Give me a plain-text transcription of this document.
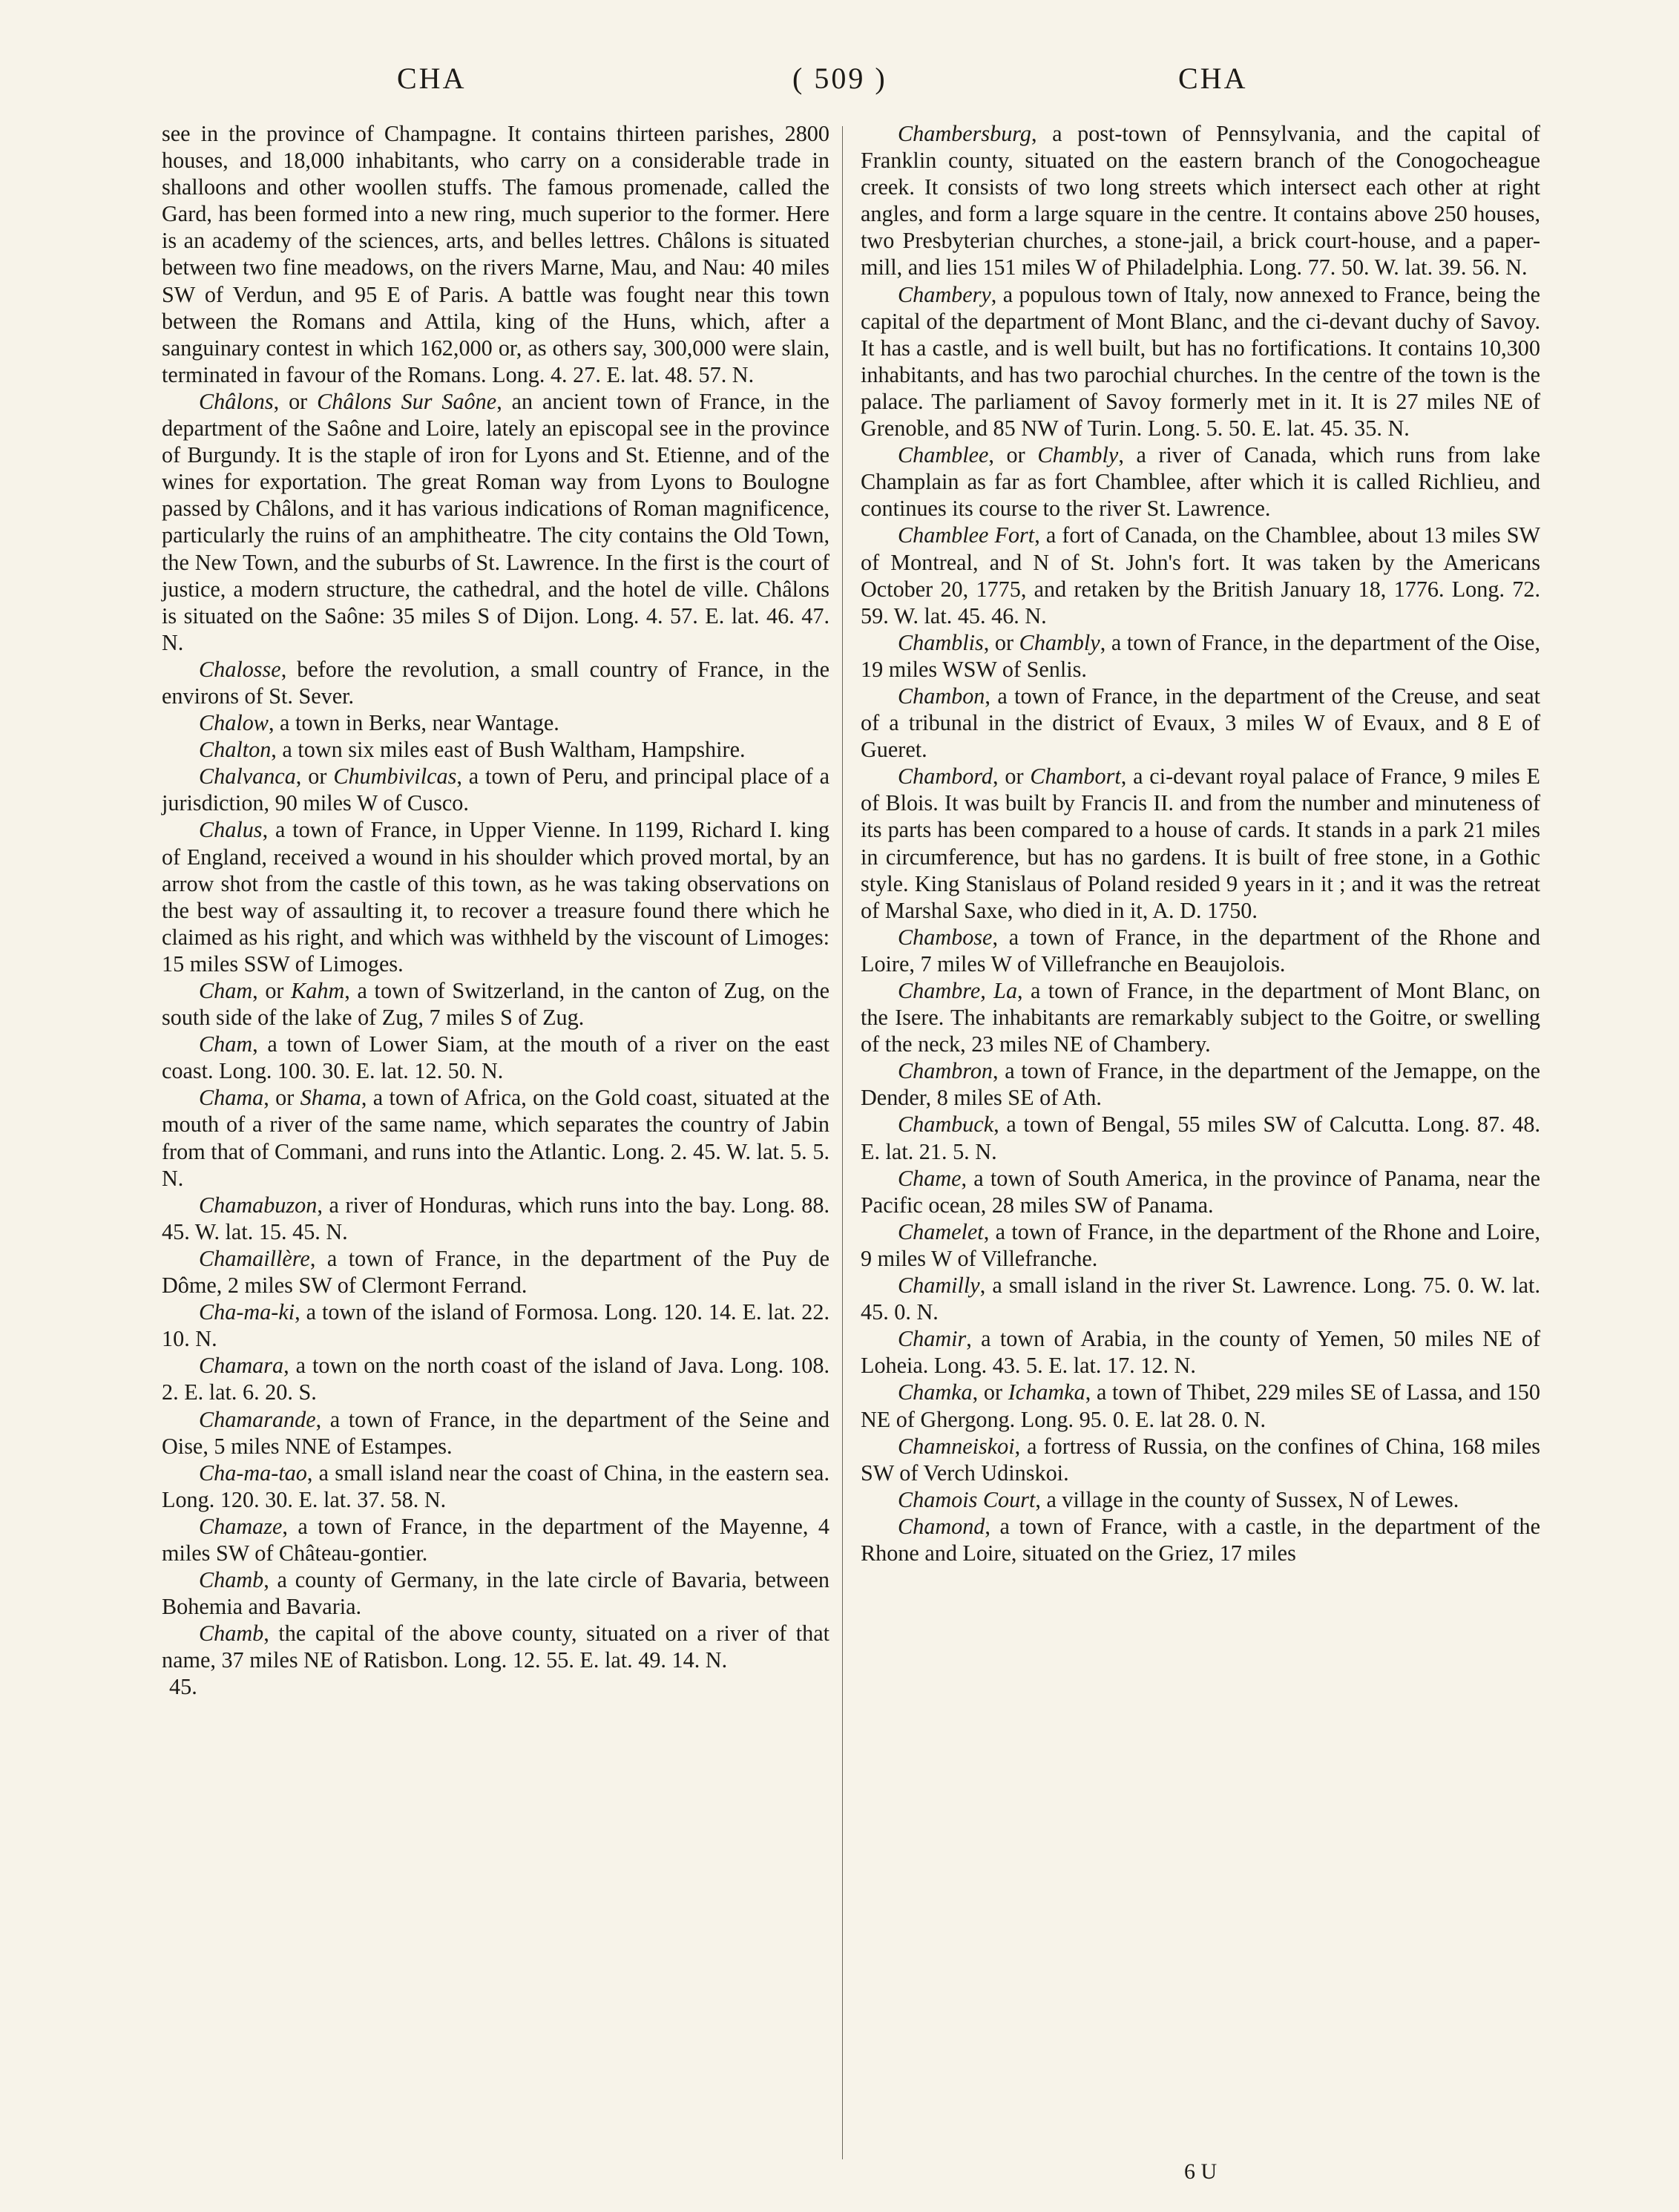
CHA	( 509 )	CHA

see in the province of Champagne. It contains thirteen parishes, 2800 houses, and 18,000 inhabitants, who carry on a considerable trade in shalloons and other woollen stuffs. The famous promenade, called the Gard, has been formed into a new ring, much superior to the former. Here is an academy of the sciences, arts, and belles lettres. Châlons is situated between two fine meadows, on the rivers Marne, Mau, and Nau: 40 miles SW of Verdun, and 95 E of Paris. A battle was fought near this town between the Romans and Attila, king of the Huns, which, after a sanguinary contest in which 162,000 or, as others say, 300,000 were slain, terminated in favour of the Romans. Long. 4. 27. E. lat. 48. 57. N.

Châlons, or Châlons Sur Saône, an ancient town of France, in the department of the Saône and Loire, lately an episcopal see in the province of Burgundy. It is the staple of iron for Lyons and St. Etienne, and of the wines for exportation. The great Roman way from Lyons to Boulogne passed by Châlons, and it has various indications of Roman magnificence, particularly the ruins of an amphitheatre. The city contains the Old Town, the New Town, and the suburbs of St. Lawrence. In the first is the court of justice, a modern structure, the cathedral, and the hotel de ville. Châlons is situated on the Saône: 35 miles S of Dijon. Long. 4. 57. E. lat. 46. 47. N.

Chalosse, before the revolution, a small country of France, in the environs of St. Sever.

Chalow, a town in Berks, near Wantage.

Chalton, a town six miles east of Bush Waltham, Hampshire.

Chalvanca, or Chumbivilcas, a town of Peru, and principal place of a jurisdiction, 90 miles W of Cusco.

Chalus, a town of France, in Upper Vienne. In 1199, Richard I. king of England, received a wound in his shoulder which proved mortal, by an arrow shot from the castle of this town, as he was taking observations on the best way of assaulting it, to recover a treasure found there which he claimed as his right, and which was withheld by the viscount of Limoges: 15 miles SSW of Limoges.

Cham, or Kahm, a town of Switzerland, in the canton of Zug, on the south side of the lake of Zug, 7 miles S of Zug.

Cham, a town of Lower Siam, at the mouth of a river on the east coast. Long. 100. 30. E. lat. 12. 50. N.

Chama, or Shama, a town of Africa, on the Gold coast, situated at the mouth of a river of the same name, which separates the country of Jabin from that of Commani, and runs into the Atlantic. Long. 2. 45. W. lat. 5. 5. N.

Chamabuzon, a river of Honduras, which runs into the bay. Long. 88. 45. W. lat. 15. 45. N.

Chamaillère, a town of France, in the department of the Puy de Dôme, 2 miles SW of Clermont Ferrand.

Cha-ma-ki, a town of the island of Formosa. Long. 120. 14. E. lat. 22. 10. N.

Chamara, a town on the north coast of the island of Java. Long. 108. 2. E. lat. 6. 20. S.

Chamarande, a town of France, in the department of the Seine and Oise, 5 miles NNE of Estampes.

Cha-ma-tao, a small island near the coast of China, in the eastern sea. Long. 120. 30. E. lat. 37. 58. N.

Chamaze, a town of France, in the department of the Mayenne, 4 miles SW of Château-gontier.

Chamb, a county of Germany, in the late circle of Bavaria, between Bohemia and Bavaria.

Chamb, the capital of the above county, situated on a river of that name, 37 miles NE of Ratisbon. Long. 12. 55. E. lat. 49. 14. N.

45.

Chambersburg, a post-town of Pennsylvania, and the capital of Franklin county, situated on the eastern branch of the Conogocheague creek. It consists of two long streets which intersect each other at right angles, and form a large square in the centre. It contains above 250 houses, two Presbyterian churches, a stone-jail, a brick court-house, and a paper-mill, and lies 151 miles W of Philadelphia. Long. 77. 50. W. lat. 39. 56. N.

Chambery, a populous town of Italy, now annexed to France, being the capital of the department of Mont Blanc, and the ci-devant duchy of Savoy. It has a castle, and is well built, but has no fortifications. It contains 10,300 inhabitants, and has two parochial churches. In the centre of the town is the palace. The parliament of Savoy formerly met in it. It is 27 miles NE of Grenoble, and 85 NW of Turin. Long. 5. 50. E. lat. 45. 35. N.

Chamblee, or Chambly, a river of Canada, which runs from lake Champlain as far as fort Chamblee, after which it is called Richlieu, and continues its course to the river St. Lawrence.

Chamblee Fort, a fort of Canada, on the Chamblee, about 13 miles SW of Montreal, and N of St. John's fort. It was taken by the Americans October 20, 1775, and retaken by the British January 18, 1776. Long. 72. 59. W. lat. 45. 46. N.

Chamblis, or Chambly, a town of France, in the department of the Oise, 19 miles WSW of Senlis.

Chambon, a town of France, in the department of the Creuse, and seat of a tribunal in the district of Evaux, 3 miles W of Evaux, and 8 E of Gueret.

Chambord, or Chambort, a ci-devant royal palace of France, 9 miles E of Blois. It was built by Francis II. and from the number and minuteness of its parts has been compared to a house of cards. It stands in a park 21 miles in circumference, but has no gardens. It is built of free stone, in a Gothic style. King Stanislaus of Poland resided 9 years in it ; and it was the retreat of Marshal Saxe, who died in it, A. D. 1750.

Chambose, a town of France, in the department of the Rhone and Loire, 7 miles W of Villefranche en Beaujolois.

Chambre, La, a town of France, in the department of Mont Blanc, on the Isere. The inhabitants are remarkably subject to the Goitre, or swelling of the neck, 23 miles NE of Chambery.

Chambron, a town of France, in the department of the Jemappe, on the Dender, 8 miles SE of Ath.

Chambuck, a town of Bengal, 55 miles SW of Calcutta. Long. 87. 48. E. lat. 21. 5. N.

Chame, a town of South America, in the province of Panama, near the Pacific ocean, 28 miles SW of Panama.

Chamelet, a town of France, in the department of the Rhone and Loire, 9 miles W of Villefranche.

Chamilly, a small island in the river St. Lawrence. Long. 75. 0. W. lat. 45. 0. N.

Chamir, a town of Arabia, in the county of Yemen, 50 miles NE of Loheia. Long. 43. 5. E. lat. 17. 12. N.

Chamka, or Ichamka, a town of Thibet, 229 miles SE of Lassa, and 150 NE of Ghergong. Long. 95. 0. E. lat 28. 0. N.

Chamneiskoi, a fortress of Russia, on the confines of China, 168 miles SW of Verch Udinskoi.

Chamois Court, a village in the county of Sussex, N of Lewes.

Chamond, a town of France, with a castle, in the department of the Rhone and Loire, situated on the Griez, 17 miles

6 U
